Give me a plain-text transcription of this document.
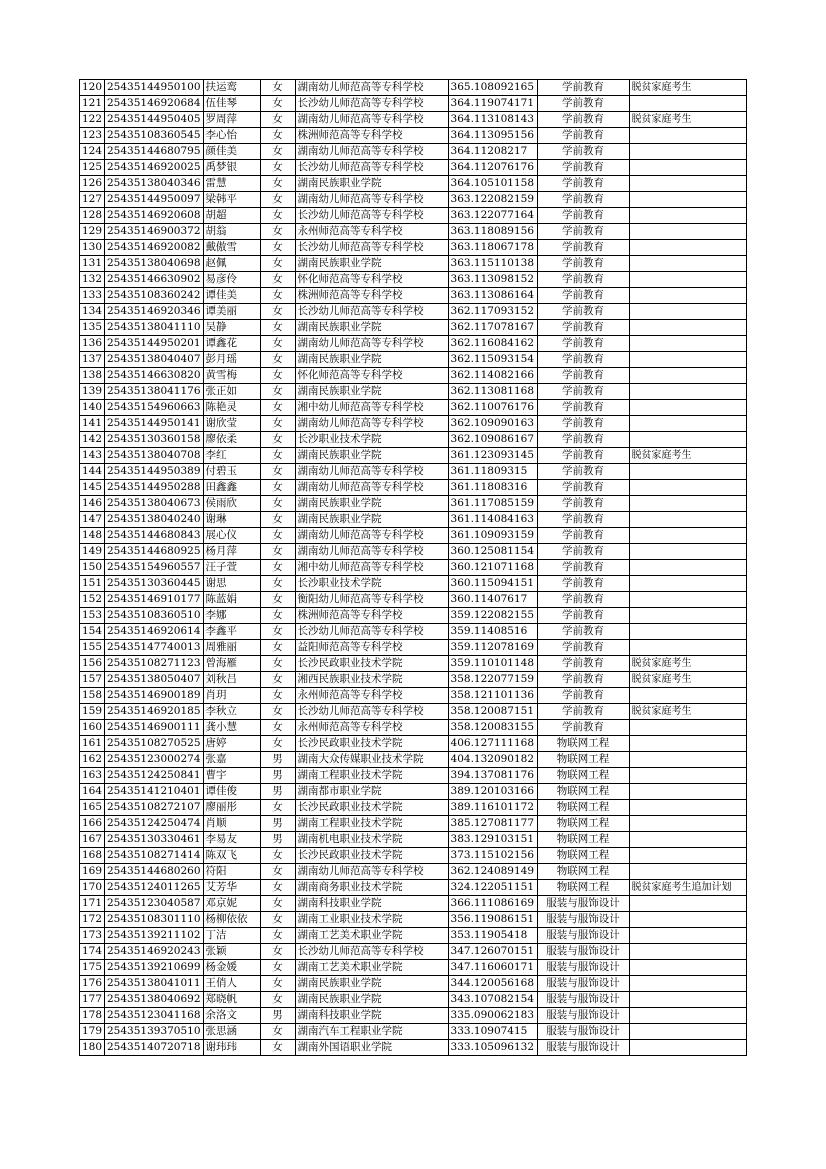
120	25435144950100	扶运鸾	女	湖南幼儿师范高等专科学校	365.108092165	学前教育	脱贫家庭考生
121	25435146920684	伍佳琴	女	长沙幼儿师范高等专科学校	364.119074171	学前教育	
122	25435144950405	罗周萍	女	湖南幼儿师范高等专科学校	364.113108143	学前教育	脱贫家庭考生
123	25435108360545	李心怡	女	株洲师范高等专科学校	364.113095156	学前教育	
124	25435144680795	颜佳美	女	湖南幼儿师范高等专科学校	364.11208217	学前教育	
125	25435146920025	禹梦银	女	长沙幼儿师范高等专科学校	364.112076176	学前教育	
126	25435138040346	雷慧	女	湖南民族职业学院	364.105101158	学前教育	
127	25435144950097	梁韩平	女	湖南幼儿师范高等专科学校	363.122082159	学前教育	
128	25435146920608	胡超	女	长沙幼儿师范高等专科学校	363.122077164	学前教育	
129	25435146900372	胡翁	女	永州师范高等专科学校	363.118089156	学前教育	
130	25435146920082	戴傲雪	女	长沙幼儿师范高等专科学校	363.118067178	学前教育	
131	25435138040698	赵佩	女	湖南民族职业学院	363.115110138	学前教育	
132	25435146630902	易彦伶	女	怀化师范高等专科学校	363.113098152	学前教育	
133	25435108360242	谭佳美	女	株洲师范高等专科学校	363.113086164	学前教育	
134	25435146920346	谭美丽	女	长沙幼儿师范高等专科学校	362.117093152	学前教育	
135	25435138041110	吴静	女	湖南民族职业学院	362.117078167	学前教育	
136	25435144950201	谭鑫花	女	湖南幼儿师范高等专科学校	362.116084162	学前教育	
137	25435138040407	彭月瑶	女	湖南民族职业学院	362.115093154	学前教育	
138	25435146630820	黄雪梅	女	怀化师范高等专科学校	362.114082166	学前教育	
139	25435138041176	张正如	女	湖南民族职业学院	362.113081168	学前教育	
140	25435154960663	陈艳灵	女	湘中幼儿师范高等专科学校	362.110076176	学前教育	
141	25435144950141	谢欣莹	女	湖南幼儿师范高等专科学校	362.109090163	学前教育	
142	25435130360158	廖依柔	女	长沙职业技术学院	362.109086167	学前教育	
143	25435138040708	李红	女	湖南民族职业学院	361.123093145	学前教育	脱贫家庭考生
144	25435144950389	付碧玉	女	湖南幼儿师范高等专科学校	361.11809315	学前教育	
145	25435144950288	田鑫鑫	女	湖南幼儿师范高等专科学校	361.11808316	学前教育	
146	25435138040673	侯雨欣	女	湖南民族职业学院	361.117085159	学前教育	
147	25435138040240	谢琳	女	湖南民族职业学院	361.114084163	学前教育	
148	25435144680843	展心仪	女	湖南幼儿师范高等专科学校	361.109093159	学前教育	
149	25435144680925	杨月萍	女	湖南幼儿师范高等专科学校	360.125081154	学前教育	
150	25435154960557	汪子萱	女	湘中幼儿师范高等专科学校	360.121071168	学前教育	
151	25435130360445	谢思	女	长沙职业技术学院	360.115094151	学前教育	
152	25435146910177	陈蓝娟	女	衡阳幼儿师范高等专科学校	360.11407617	学前教育	
153	25435108360510	李娜	女	株洲师范高等专科学校	359.122082155	学前教育	
154	25435146920614	李鑫平	女	长沙幼儿师范高等专科学校	359.11408516	学前教育	
155	25435147740013	周雅丽	女	益阳师范高等专科学校	359.112078169	学前教育	
156	25435108271123	曾海雁	女	长沙民政职业技术学院	359.110101148	学前教育	脱贫家庭考生
157	25435138050407	刘秋吕	女	湘西民族职业技术学院	358.122077159	学前教育	脱贫家庭考生
158	25435146900189	肖玥	女	永州师范高等专科学校	358.121101136	学前教育	
159	25435146920185	李秋立	女	长沙幼儿师范高等专科学校	358.120087151	学前教育	脱贫家庭考生
160	25435146900111	龚小慧	女	永州师范高等专科学校	358.120083155	学前教育	
161	25435108270525	唐婷	女	长沙民政职业技术学院	406.127111168	物联网工程	
162	25435123000274	张嘉	男	湖南大众传媒职业技术学院	404.132090182	物联网工程	
163	25435124250841	曹宇	男	湖南工程职业技术学院	394.137081176	物联网工程	
164	25435141210401	谭佳俊	男	湖南都市职业学院	389.120103166	物联网工程	
165	25435108272107	廖丽彤	女	长沙民政职业技术学院	389.116101172	物联网工程	
166	25435124250474	肖顺	男	湖南工程职业技术学院	385.127081177	物联网工程	
167	25435130330461	李易友	男	湖南机电职业技术学院	383.129103151	物联网工程	
168	25435108271414	陈双飞	女	长沙民政职业技术学院	373.115102156	物联网工程	
169	25435144680260	符阳	女	湖南幼儿师范高等专科学校	362.124089149	物联网工程	
170	25435124011265	艾芳华	女	湖南商务职业技术学院	324.122051151	物联网工程	脱贫家庭考生追加计划
171	25435123040587	邓京妮	女	湖南科技职业学院	366.111086169	服装与服饰设计	
172	25435108301110	杨柳依依	女	湖南工业职业技术学院	356.119086151	服装与服饰设计	
173	25435139211102	丁洁	女	湖南工艺美术职业学院	353.11905418	服装与服饰设计	
174	25435146920243	张颖	女	长沙幼儿师范高等专科学校	347.126070151	服装与服饰设计	
175	25435139210699	杨金媛	女	湖南工艺美术职业学院	347.116060171	服装与服饰设计	
176	25435138041011	王俏人	女	湖南民族职业学院	344.120056168	服装与服饰设计	
177	25435138040692	郑晓帆	女	湖南民族职业学院	343.107082154	服装与服饰设计	
178	25435123041168	余洛文	男	湖南科技职业学院	335.090062183	服装与服饰设计	
179	25435139370510	张思涵	女	湖南汽车工程职业学院	333.10907415	服装与服饰设计	
180	25435140720718	谢玮玮	女	湖南外国语职业学院	333.105096132	服装与服饰设计	
